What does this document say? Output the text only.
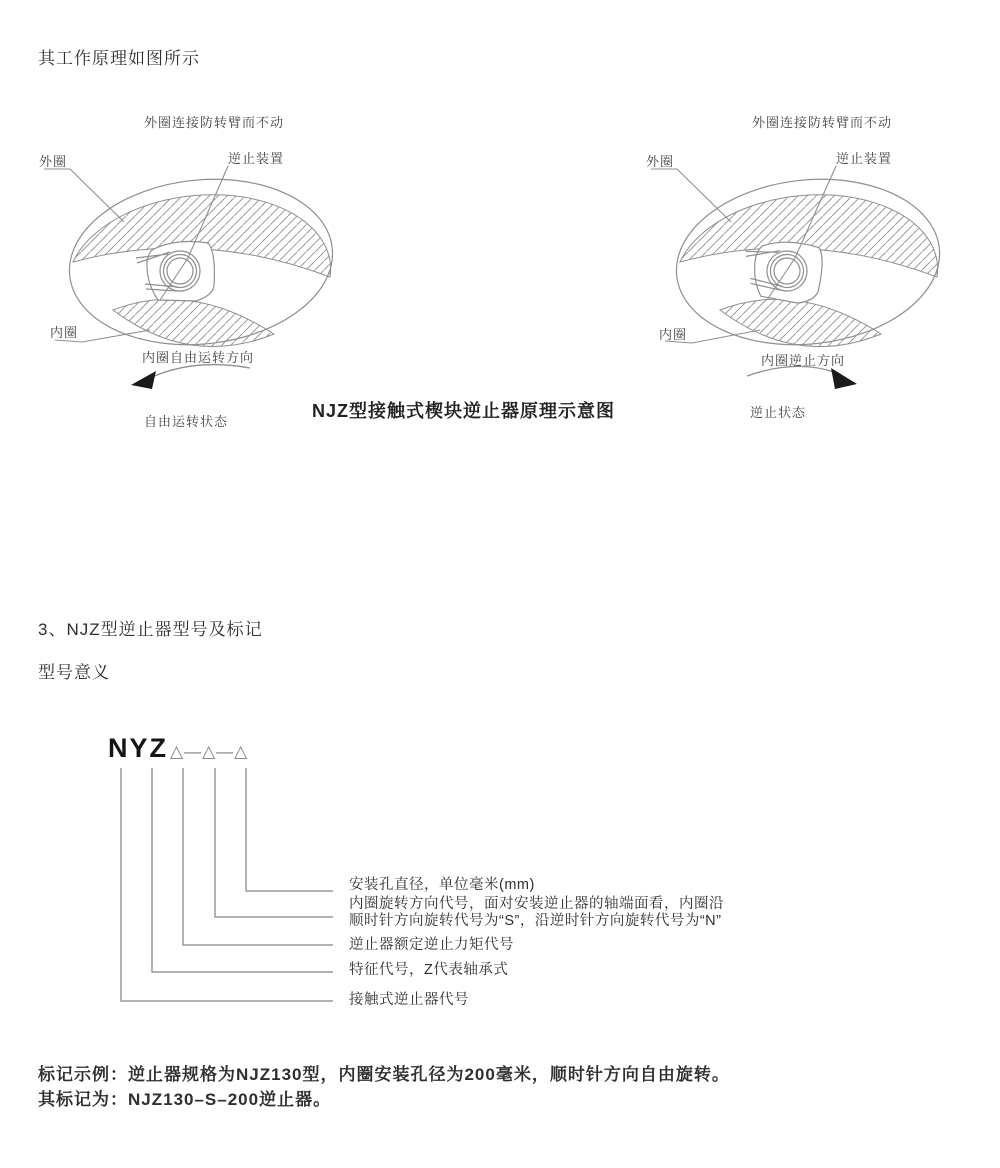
其工作原理如图所示
外圈连接防转臂而不动
外圈	逆止装置
内圈
内圈自由运转方向
自由运转状态
NJZ型接触式楔块逆止器原理示意图
外圈连接防转臂而不动
外圈	逆止装置
内圈
内圈逆止方向
逆止状态
3、NJZ型逆止器型号及标记
型号意义
NYZ △—△—△
安装孔直径，单位毫米(mm)
内圈旋转方向代号，面对安装逆止器的轴端面看，内圈沿
顺时针方向旋转代号为“S”，沿逆时针方向旋转代号为“N”
逆止器额定逆止力矩代号
特征代号，Z代表轴承式
接触式逆止器代号
标记示例：逆止器规格为NJZ130型，内圈安装孔径为200毫米，顺时针方向自由旋转。
其标记为：NJZ130–S–200逆止器。
